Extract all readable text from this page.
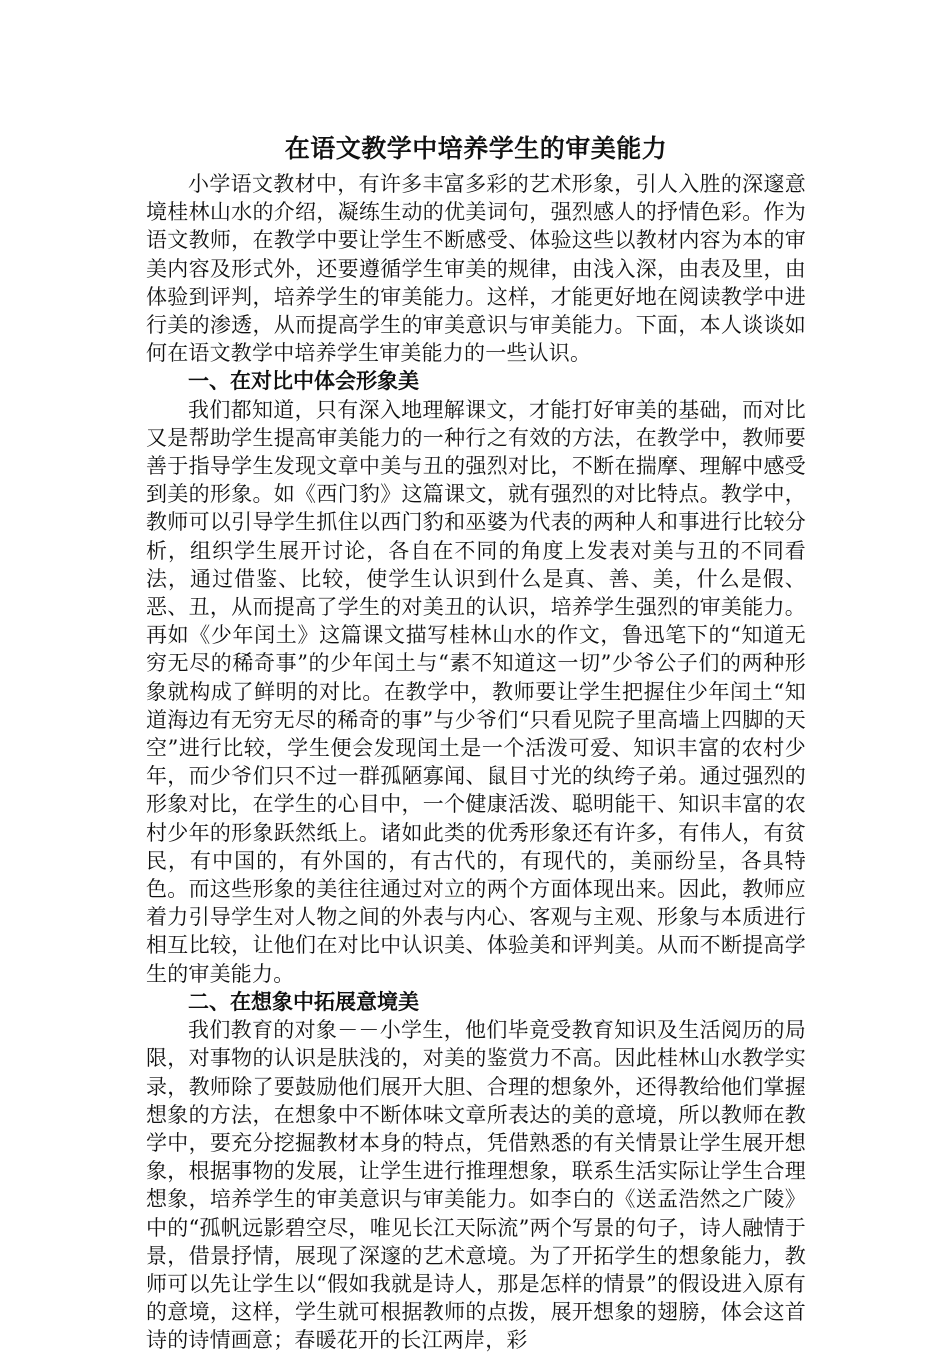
在语文教学中培养学生的审美能力

小学语文教材中，有许多丰富多彩的艺术形象，引人入胜的深邃意境桂林山水的介绍，凝练生动的优美词句，强烈感人的抒情色彩。作为语文教师，在教学中要让学生不断感受、体验这些以教材内容为本的审美内容及形式外，还要遵循学生审美的规律，由浅入深，由表及里，由体验到评判，培养学生的审美能力。这样，才能更好地在阅读教学中进行美的渗透，从而提高学生的审美意识与审美能力。下面，本人谈谈如何在语文教学中培养学生审美能力的一些认识。

一、在对比中体会形象美

我们都知道，只有深入地理解课文，才能打好审美的基础，而对比又是帮助学生提高审美能力的一种行之有效的方法，在教学中，教师要善于指导学生发现文章中美与丑的强烈对比，不断在揣摩、理解中感受到美的形象。如《西门豹》这篇课文，就有强烈的对比特点。教学中，教师可以引导学生抓住以西门豹和巫婆为代表的两种人和事进行比较分析，组织学生展开讨论，各自在不同的角度上发表对美与丑的不同看法，通过借鉴、比较，使学生认识到什么是真、善、美，什么是假、恶、丑，从而提高了学生的对美丑的认识，培养学生强烈的审美能力。再如《少年闰土》这篇课文描写桂林山水的作文，鲁迅笔下的“知道无穷无尽的稀奇事”的少年闰土与“素不知道这一切”少爷公子们的两种形象就构成了鲜明的对比。在教学中，教师要让学生把握住少年闰土“知道海边有无穷无尽的稀奇的事”与少爷们“只看见院子里高墙上四脚的天空”进行比较，学生便会发现闰土是一个活泼可爱、知识丰富的农村少年，而少爷们只不过一群孤陋寡闻、鼠目寸光的纨绔子弟。通过强烈的形象对比，在学生的心目中，一个健康活泼、聪明能干、知识丰富的农村少年的形象跃然纸上。诸如此类的优秀形象还有许多，有伟人，有贫民，有中国的，有外国的，有古代的，有现代的，美丽纷呈，各具特色。而这些形象的美往往通过对立的两个方面体现出来。因此，教师应着力引导学生对人物之间的外表与内心、客观与主观、形象与本质进行相互比较，让他们在对比中认识美、体验美和评判美。从而不断提高学生的审美能力。

二、在想象中拓展意境美

我们教育的对象－－小学生，他们毕竟受教育知识及生活阅历的局限，对事物的认识是肤浅的，对美的鉴赏力不高。因此桂林山水教学实录，教师除了要鼓励他们展开大胆、合理的想象外，还得教给他们掌握想象的方法，在想象中不断体味文章所表达的美的意境，所以教师在教学中，要充分挖掘教材本身的特点，凭借熟悉的有关情景让学生展开想象，根据事物的发展，让学生进行推理想象，联系生活实际让学生合理想象，培养学生的审美意识与审美能力。如李白的《送孟浩然之广陵》中的“孤帆远影碧空尽，唯见长江天际流”两个写景的句子，诗人融情于景，借景抒情，展现了深邃的艺术意境。为了开拓学生的想象能力，教师可以先让学生以“假如我就是诗人，那是怎样的情景”的假设进入原有的意境，这样，学生就可根据教师的点拨，展开想象的翅膀，体会这首诗的诗情画意；春暖花开的长江两岸，彩
